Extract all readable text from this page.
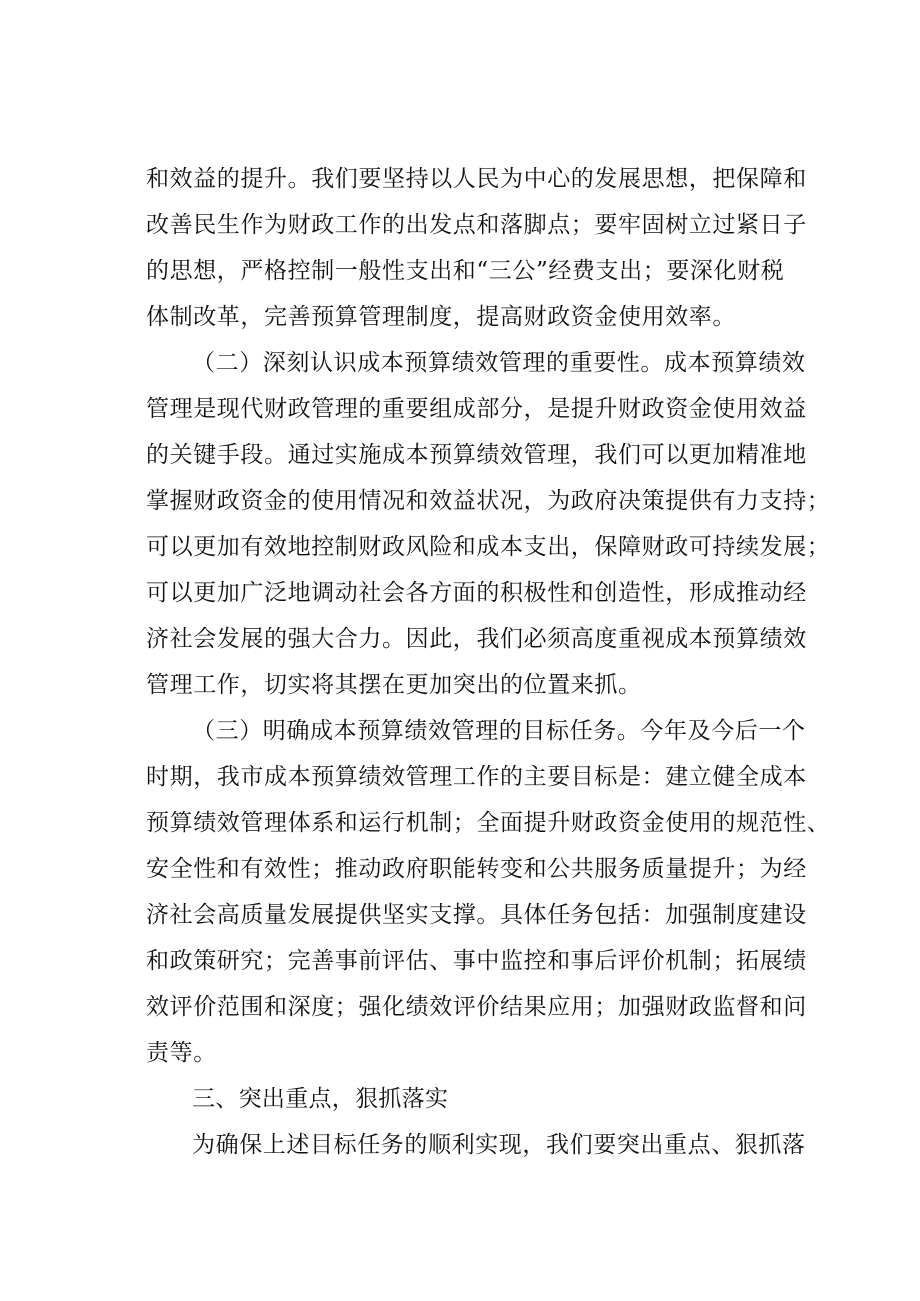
和效益的提升。我们要坚持以人民为中心的发展思想，把保障和
改善民生作为财政工作的出发点和落脚点；要牢固树立过紧日子
的思想，严格控制一般性支出和“三公”经费支出；要深化财税
体制改革，完善预算管理制度，提高财政资金使用效率。
（二）深刻认识成本预算绩效管理的重要性。成本预算绩效
管理是现代财政管理的重要组成部分，是提升财政资金使用效益
的关键手段。通过实施成本预算绩效管理，我们可以更加精准地
掌握财政资金的使用情况和效益状况，为政府决策提供有力支持；
可以更加有效地控制财政风险和成本支出，保障财政可持续发展；
可以更加广泛地调动社会各方面的积极性和创造性，形成推动经
济社会发展的强大合力。因此，我们必须高度重视成本预算绩效
管理工作，切实将其摆在更加突出的位置来抓。
（三）明确成本预算绩效管理的目标任务。今年及今后一个
时期，我市成本预算绩效管理工作的主要目标是：建立健全成本
预算绩效管理体系和运行机制；全面提升财政资金使用的规范性、
安全性和有效性；推动政府职能转变和公共服务质量提升；为经
济社会高质量发展提供坚实支撑。具体任务包括：加强制度建设
和政策研究；完善事前评估、事中监控和事后评价机制；拓展绩
效评价范围和深度；强化绩效评价结果应用；加强财政监督和问
责等。
三、突出重点，狠抓落实
为确保上述目标任务的顺利实现，我们要突出重点、狠抓落
